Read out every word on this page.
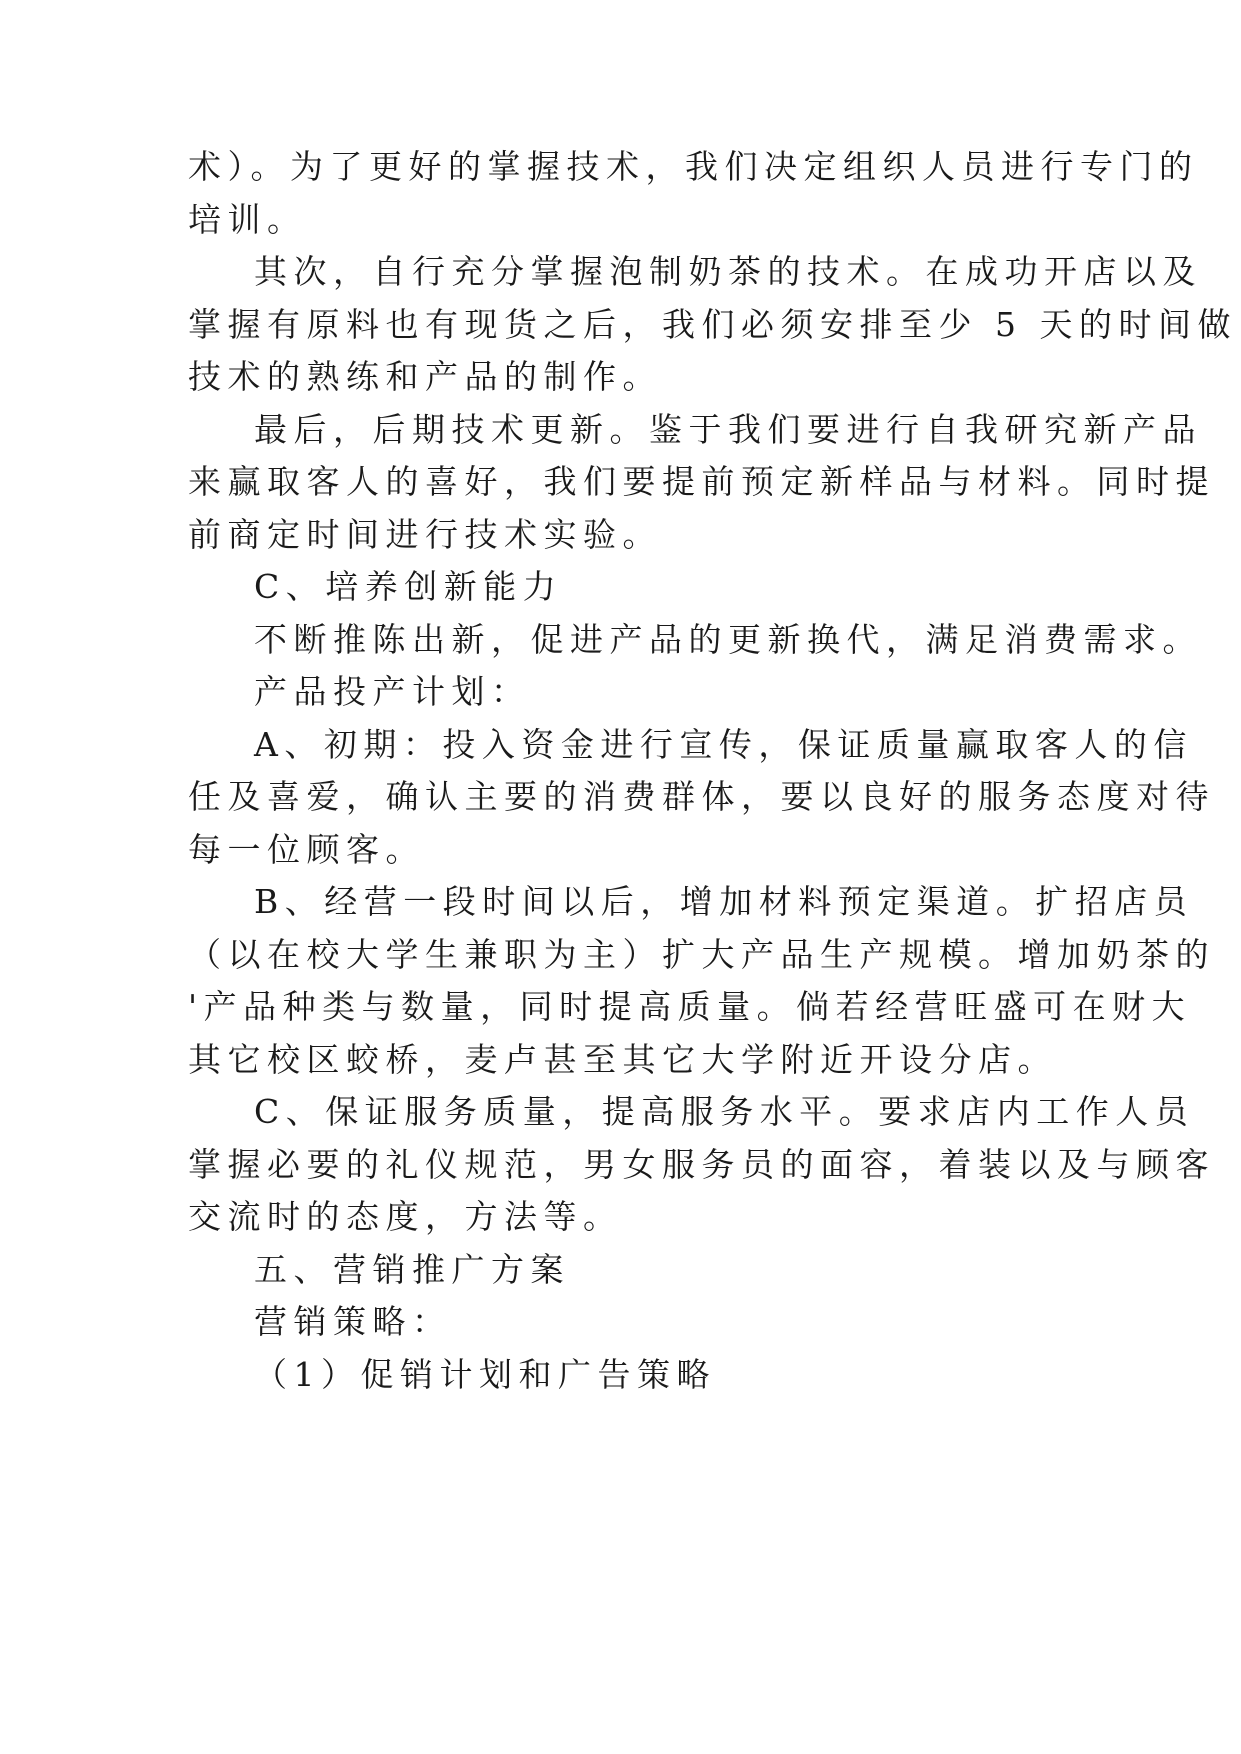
术）。为了更好的掌握技术，我们决定组织人员进行专门的
培训。
其次，自行充分掌握泡制奶茶的技术。在成功开店以及
掌握有原料也有现货之后，我们必须安排至少 5 天的时间做
技术的熟练和产品的制作。
最后，后期技术更新。鉴于我们要进行自我研究新产品
来赢取客人的喜好，我们要提前预定新样品与材料。同时提
前商定时间进行技术实验。
C、培养创新能力
不断推陈出新，促进产品的更新换代，满足消费需求。
产品投产计划：
A、初期：投入资金进行宣传，保证质量赢取客人的信
任及喜爱，确认主要的消费群体，要以良好的服务态度对待
每一位顾客。
B、经营一段时间以后，增加材料预定渠道。扩招店员
（以在校大学生兼职为主）扩大产品生产规模。增加奶茶的
'产品种类与数量，同时提高质量。倘若经营旺盛可在财大
其它校区蛟桥，麦卢甚至其它大学附近开设分店。
C、保证服务质量，提高服务水平。要求店内工作人员
掌握必要的礼仪规范，男女服务员的面容，着装以及与顾客
交流时的态度，方法等。
五、营销推广方案
营销策略：
（1）促销计划和广告策略
